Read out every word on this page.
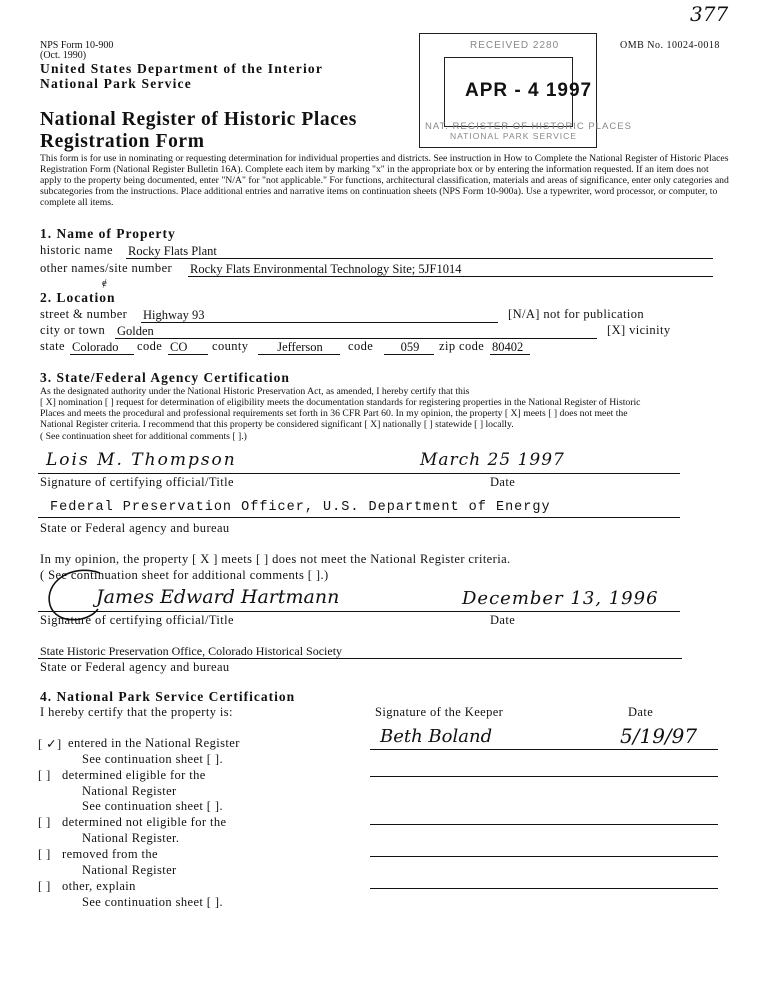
377
NPS Form 10-900
(Oct. 1990)
OMB No. 10024-0018
United States Department of the Interior
National Park Service
National Register of Historic Places
Registration Form
RECEIVED 2280
APR - 4 1997
NAT. REGISTER OF HISTORIC PLACES
NATIONAL PARK SERVICE
This form is for use in nominating or requesting determination for individual properties and districts. See instruction in How to Complete the National Register of Historic Places Registration Form (National Register Bulletin 16A). Complete each item by marking "x" in the appropriate box or by entering the information requested. If an item does not apply to the property being documented, enter "N/A" for "not applicable." For functions, architectural classification, materials and areas of significance, enter only categories and subcategories from the instructions. Place additional entries and narrative items on continuation sheets (NPS Form 10-900a). Use a typewriter, word processor, or computer, to complete all items.
1. Name of Property
historic name Rocky Flats Plant
other names/site number Rocky Flats Environmental Technology Site; 5JF1014
ɇ
2. Location
street & number Highway 93	[N/A] not for publication
city or town Golden	[X] vicinity
state Colorado	code CO	county	Jefferson	code	059	zip code 80402
3. State/Federal Agency Certification
As the designated authority under the National Historic Preservation Act, as amended, I hereby certify that this
[ X] nomination [ ] request for determination of eligibility meets the documentation standards for registering properties in the National Register of Historic
Places and meets the procedural and professional requirements set forth in 36 CFR Part 60. In my opinion, the property [ X] meets [ ] does not meet the
National Register criteria. I recommend that this property be considered significant [ X] nationally [ ] statewide [ ] locally.
( See continuation sheet for additional comments [ ].)
Lois M. Thompson	March 25 1997
Signature of certifying official/Title	Date
Federal Preservation Officer, U.S. Department of Energy
State or Federal agency and bureau
In my opinion, the property [ X ] meets [ ] does not meet the National Register criteria.
( See continuation sheet for additional comments [ ].)
James Edward Hartmann	December 13, 1996
Signature of certifying official/Title	Date
State Historic Preservation Office, Colorado Historical Society
State or Federal agency and bureau
4. National Park Service Certification
I hereby certify that the property is:	Signature of the Keeper	Date
Beth Boland	5/19/97
[ ✓] entered in the National Register
See continuation sheet [ ].
[ ] determined eligible for the
National Register
See continuation sheet [ ].
[ ] determined not eligible for the
National Register.
[ ] removed from the
National Register
[ ] other, explain
See continuation sheet [ ].
